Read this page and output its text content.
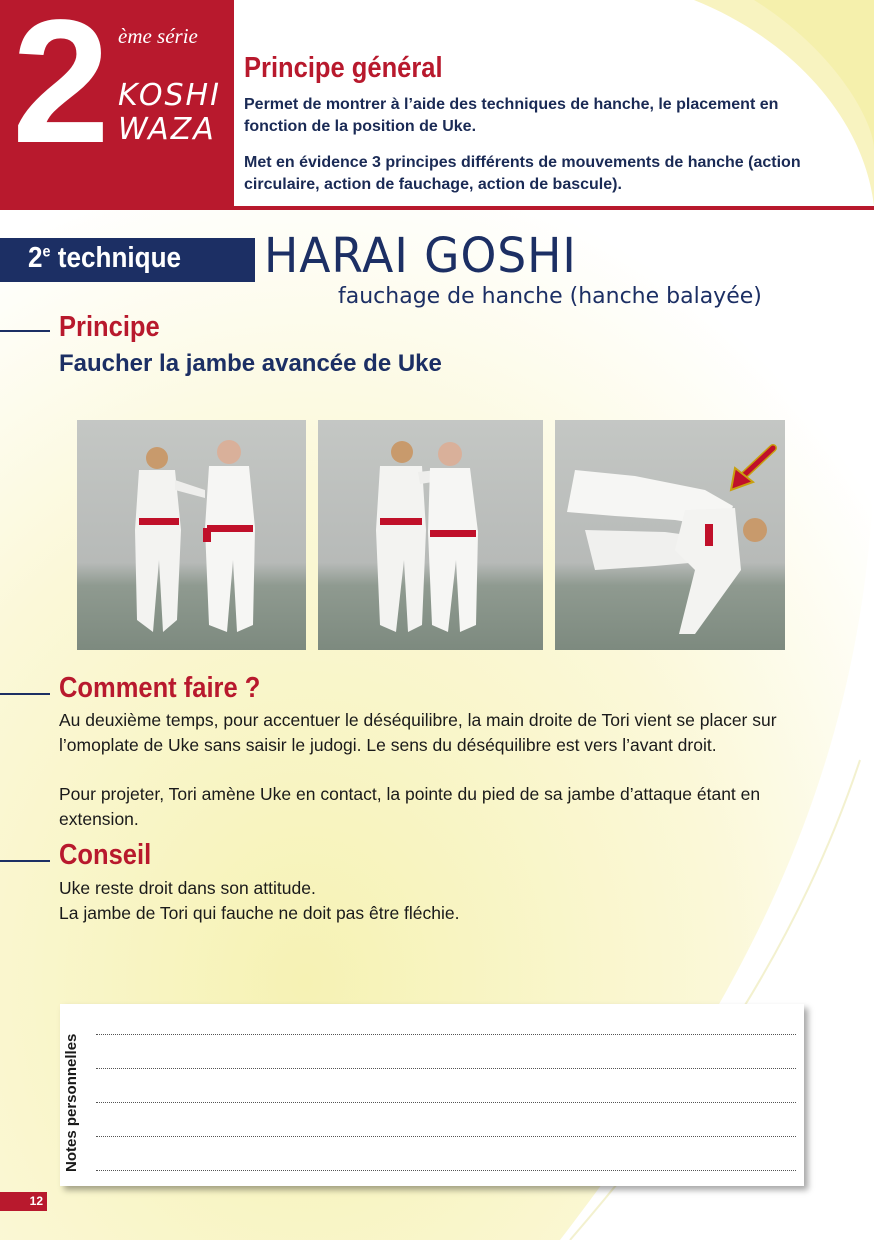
2 ème série
KOSHI
WAZA
Principe général

Permet de montrer à l’aide des techniques de hanche, le placement en fonction de la position de Uke.

Met en évidence 3 principes différents de mouvements de hanche (action circulaire, action de fauchage, action de bascule).

2e technique HARAI GOSHI
fauchage de hanche (hanche balayée)
Principe
Faucher la jambe avancée de Uke
Comment faire ?

Au deuxième temps, pour accentuer le déséquilibre, la main droite de Tori vient se placer sur l’omoplate de Uke sans saisir le judogi. Le sens du déséquilibre est vers l’avant droit.

Pour projeter, Tori amène Uke en contact, la pointe du pied de sa jambe d’attaque étant en extension.

Conseil

Uke reste droit dans son attitude.

La jambe de Tori qui fauche ne doit pas être fléchie.

Notes personnelles
12
